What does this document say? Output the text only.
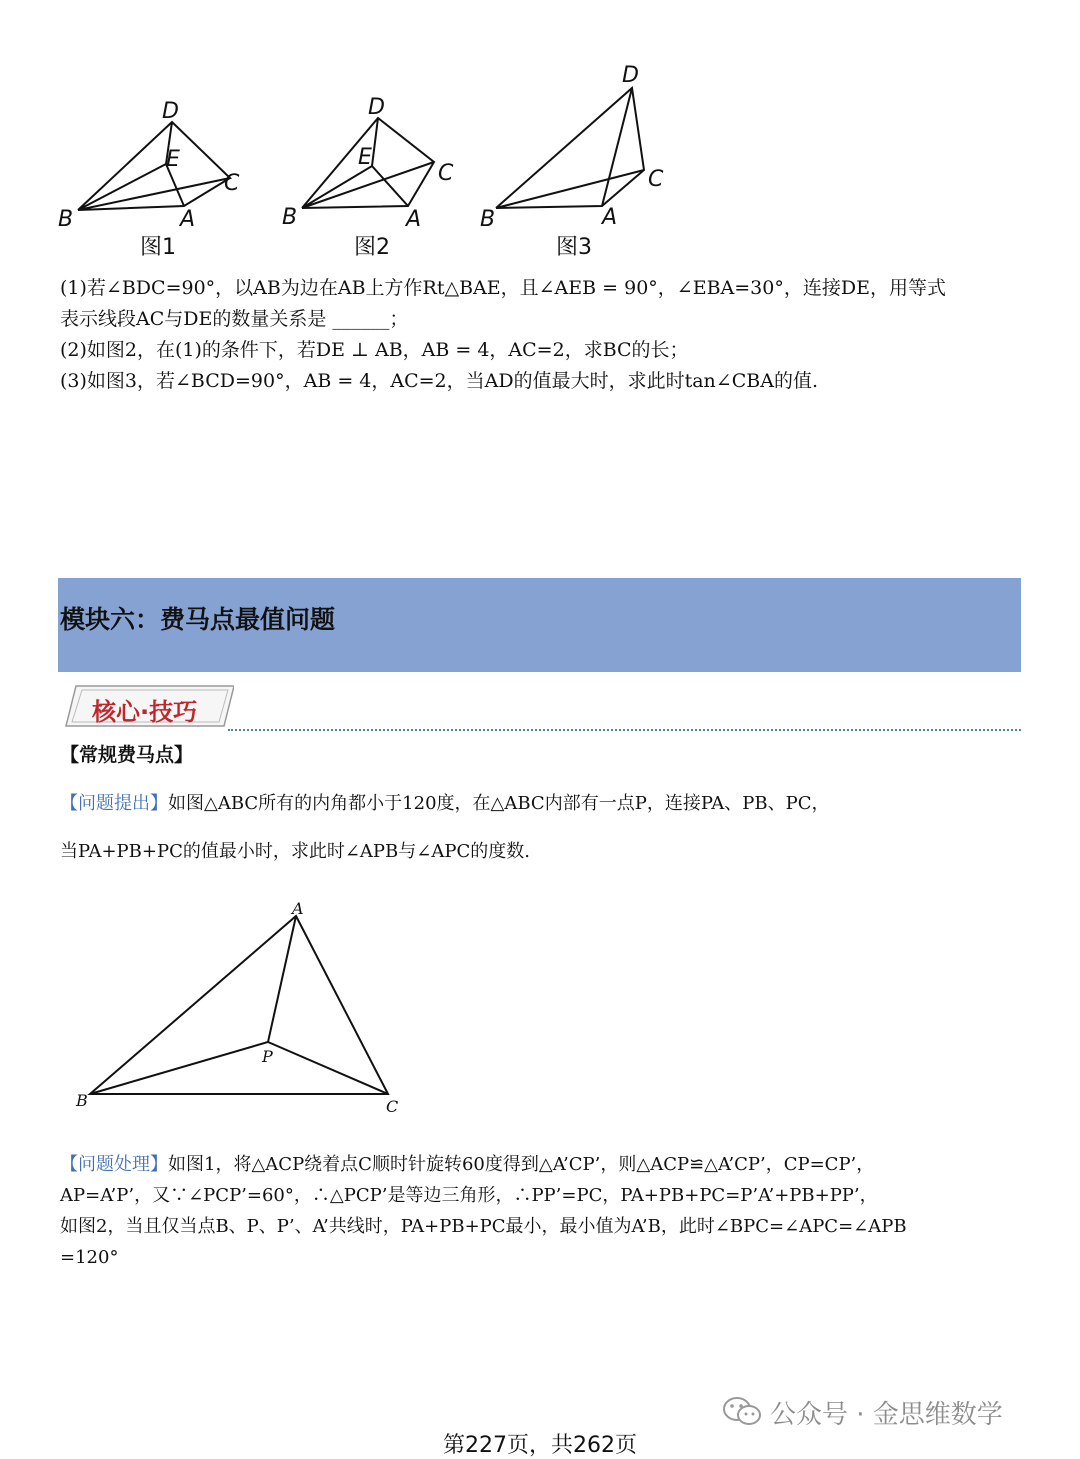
B
D
E
C
A	B
D
E
C
A	B
D
C
A
图1	图2	图3
(1)若∠BDC=90°，以AB为边在AB上方作Rt△BAE，且∠AEB = 90°，∠EBA=30°，连接DE，用等式
表示线段AC与DE的数量关系是 ______；
(2)如图2，在(1)的条件下，若DE ⊥ AB，AB = 4，AC=2，求BC的长；
(3)如图3，若∠BCD=90°，AB = 4，AC=2，当AD的值最大时，求此时tan∠CBA的值.
模块六：费马点最值问题
核心·技巧
【常规费马点】
【问题提出】如图△ABC所有的内角都小于120度，在△ABC内部有一点P，连接PA、PB、PC，
当PA+PB+PC的值最小时，求此时∠APB与∠APC的度数.
A
B	C
P
【问题处理】如图1，将△ACP绕着点C顺时针旋转60度得到△A’CP’，则△ACP≌△A’CP’，CP=CP’，
AP=A’P’，又∵∠PCP’=60°，∴△PCP’是等边三角形，∴PP’=PC，PA+PB+PC=P’A’+PB+PP’，
如图2，当且仅当点B、P、P’、A’共线时，PA+PB+PC最小，最小值为A’B，此时∠BPC=∠APC=∠APB
=120°
公众号 · 金思维数学
第227页，共262页
